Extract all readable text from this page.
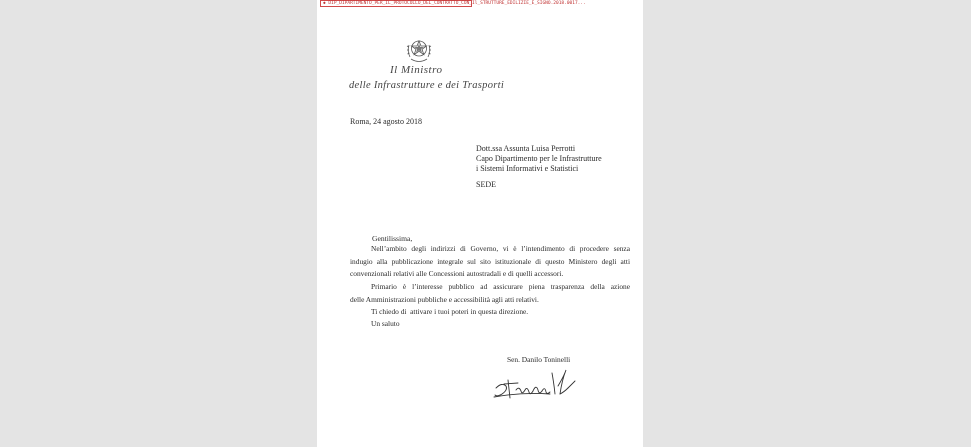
◆ DIP_DIPARTIMENTO_PER_IL_PROTOCOLLO_DEL_CONTRATTO_CON_Il_STRUTTURE_EDILIZIE_E_SIGNO.2018.0017...
Il Ministro
delle Infrastrutture e dei Trasporti
Roma, 24 agosto 2018
Dott.ssa Assunta Luisa Perrotti
Capo Dipartimento per le Infrastrutture
i Sistemi Informativi e Statistici
SEDE
Gentilissima,
Nell’ambito degli indirizzi di Governo, vi è l’intendimento di procedere senza
indugio alla pubblicazione integrale sul sito istituzionale di questo Ministero degli atti
convenzionali relativi alle Concessioni autostradali e di quelli accessori.
Primario è l’interesse pubblico ad assicurare piena trasparenza della azione
delle Amministrazioni pubbliche e accessibilità agli atti relativi.
Ti chiedo di  attivare i tuoi poteri in questa direzione.
Un saluto
Sen. Danilo Toninelli
